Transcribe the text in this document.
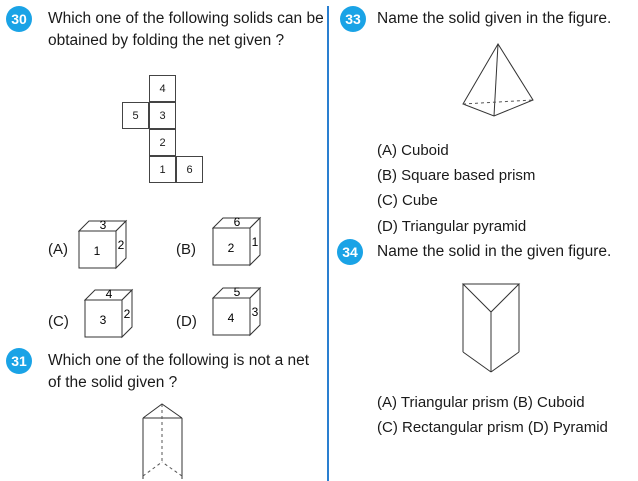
30 Which one of the following solids can be
obtained by folding the net given ?
4
5	3
2
1	6
(A)
3
1 2	(B)
6
2 1
(C)
4
3 2	(D)
5
4 3
31 Which one of the following is not a net
of the solid given ?
33 Name the solid given in the figure.
(A) Cuboid
(B) Square based prism
(C) Cube
(D) Triangular pyramid
34 Name the solid in the given figure.
(A) Triangular prism (B) Cuboid
(C) Rectangular prism (D) Pyramid
